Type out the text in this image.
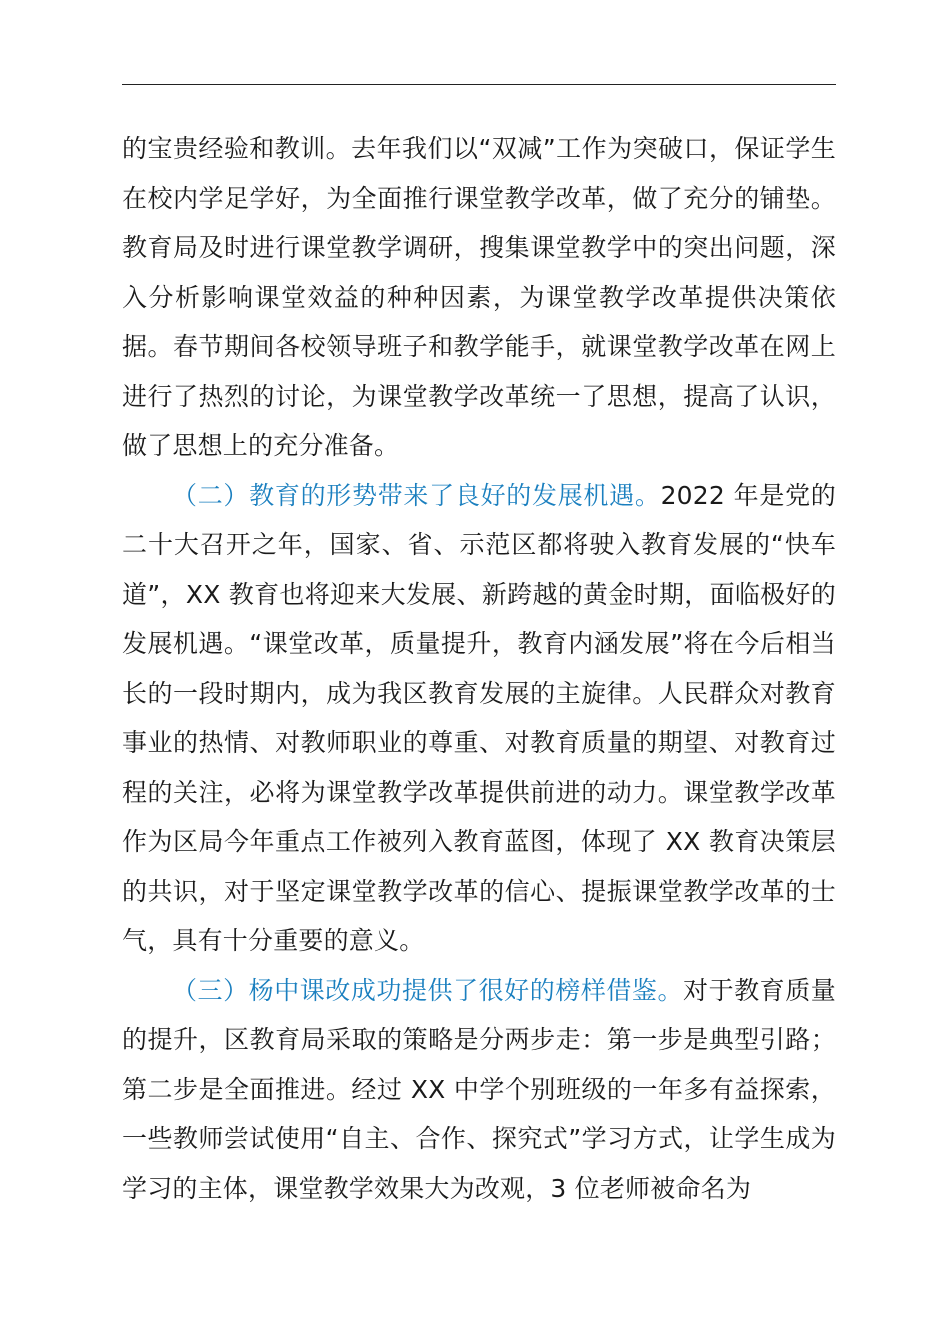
的宝贵经验和教训。去年我们以“双减”工作为突破口，保证学生在校内学足学好，为全面推行课堂教学改革，做了充分的铺垫。教育局及时进行课堂教学调研，搜集课堂教学中的突出问题，深入分析影响课堂效益的种种因素，为课堂教学改革提供决策依据。春节期间各校领导班子和教学能手，就课堂教学改革在网上进行了热烈的讨论，为课堂教学改革统一了思想，提高了认识，做了思想上的充分准备。

（二）教育的形势带来了良好的发展机遇。2022 年是党的二十大召开之年，国家、省、示范区都将驶入教育发展的“快车道”，XX 教育也将迎来大发展、新跨越的黄金时期，面临极好的发展机遇。“课堂改革，质量提升，教育内涵发展”将在今后相当长的一段时期内，成为我区教育发展的主旋律。人民群众对教育事业的热情、对教师职业的尊重、对教育质量的期望、对教育过程的关注，必将为课堂教学改革提供前进的动力。课堂教学改革作为区局今年重点工作被列入教育蓝图，体现了 XX 教育决策层的共识，对于坚定课堂教学改革的信心、提振课堂教学改革的士气，具有十分重要的意义。

（三）杨中课改成功提供了很好的榜样借鉴。对于教育质量的提升，区教育局采取的策略是分两步走：第一步是典型引路；第二步是全面推进。经过 XX 中学个别班级的一年多有益探索，一些教师尝试使用“自主、合作、探究式”学习方式，让学生成为学习的主体，课堂教学效果大为改观，3 位老师被命名为
